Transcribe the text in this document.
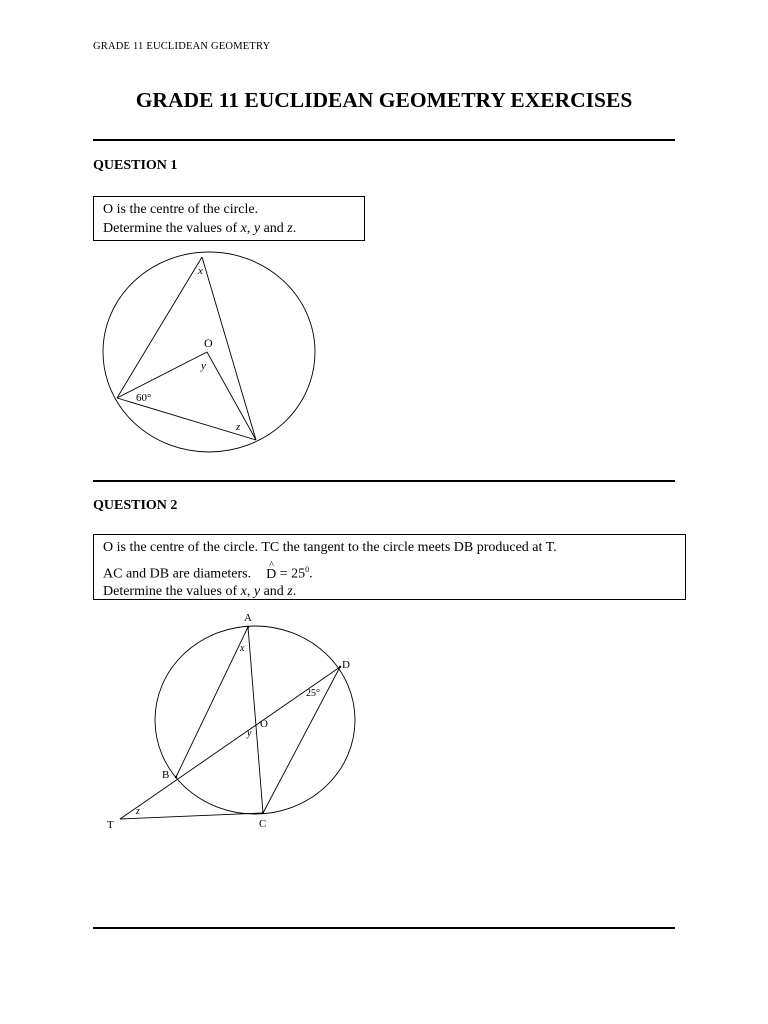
GRADE 11 EUCLIDEAN GEOMETRY
GRADE 11 EUCLIDEAN GEOMETRY EXERCISES
QUESTION 1

O is the centre of the circle.

Determine the values of x, y and z.

O
x
y
z
60°
QUESTION 2

O is the centre of the circle. TC the tangent to the circle meets DB produced at T.

AC and DB are diameters.^ $D = 25^0$.

Determine the values of x, y and z.

A
D
B
C
T
O
x
y
z
25°
